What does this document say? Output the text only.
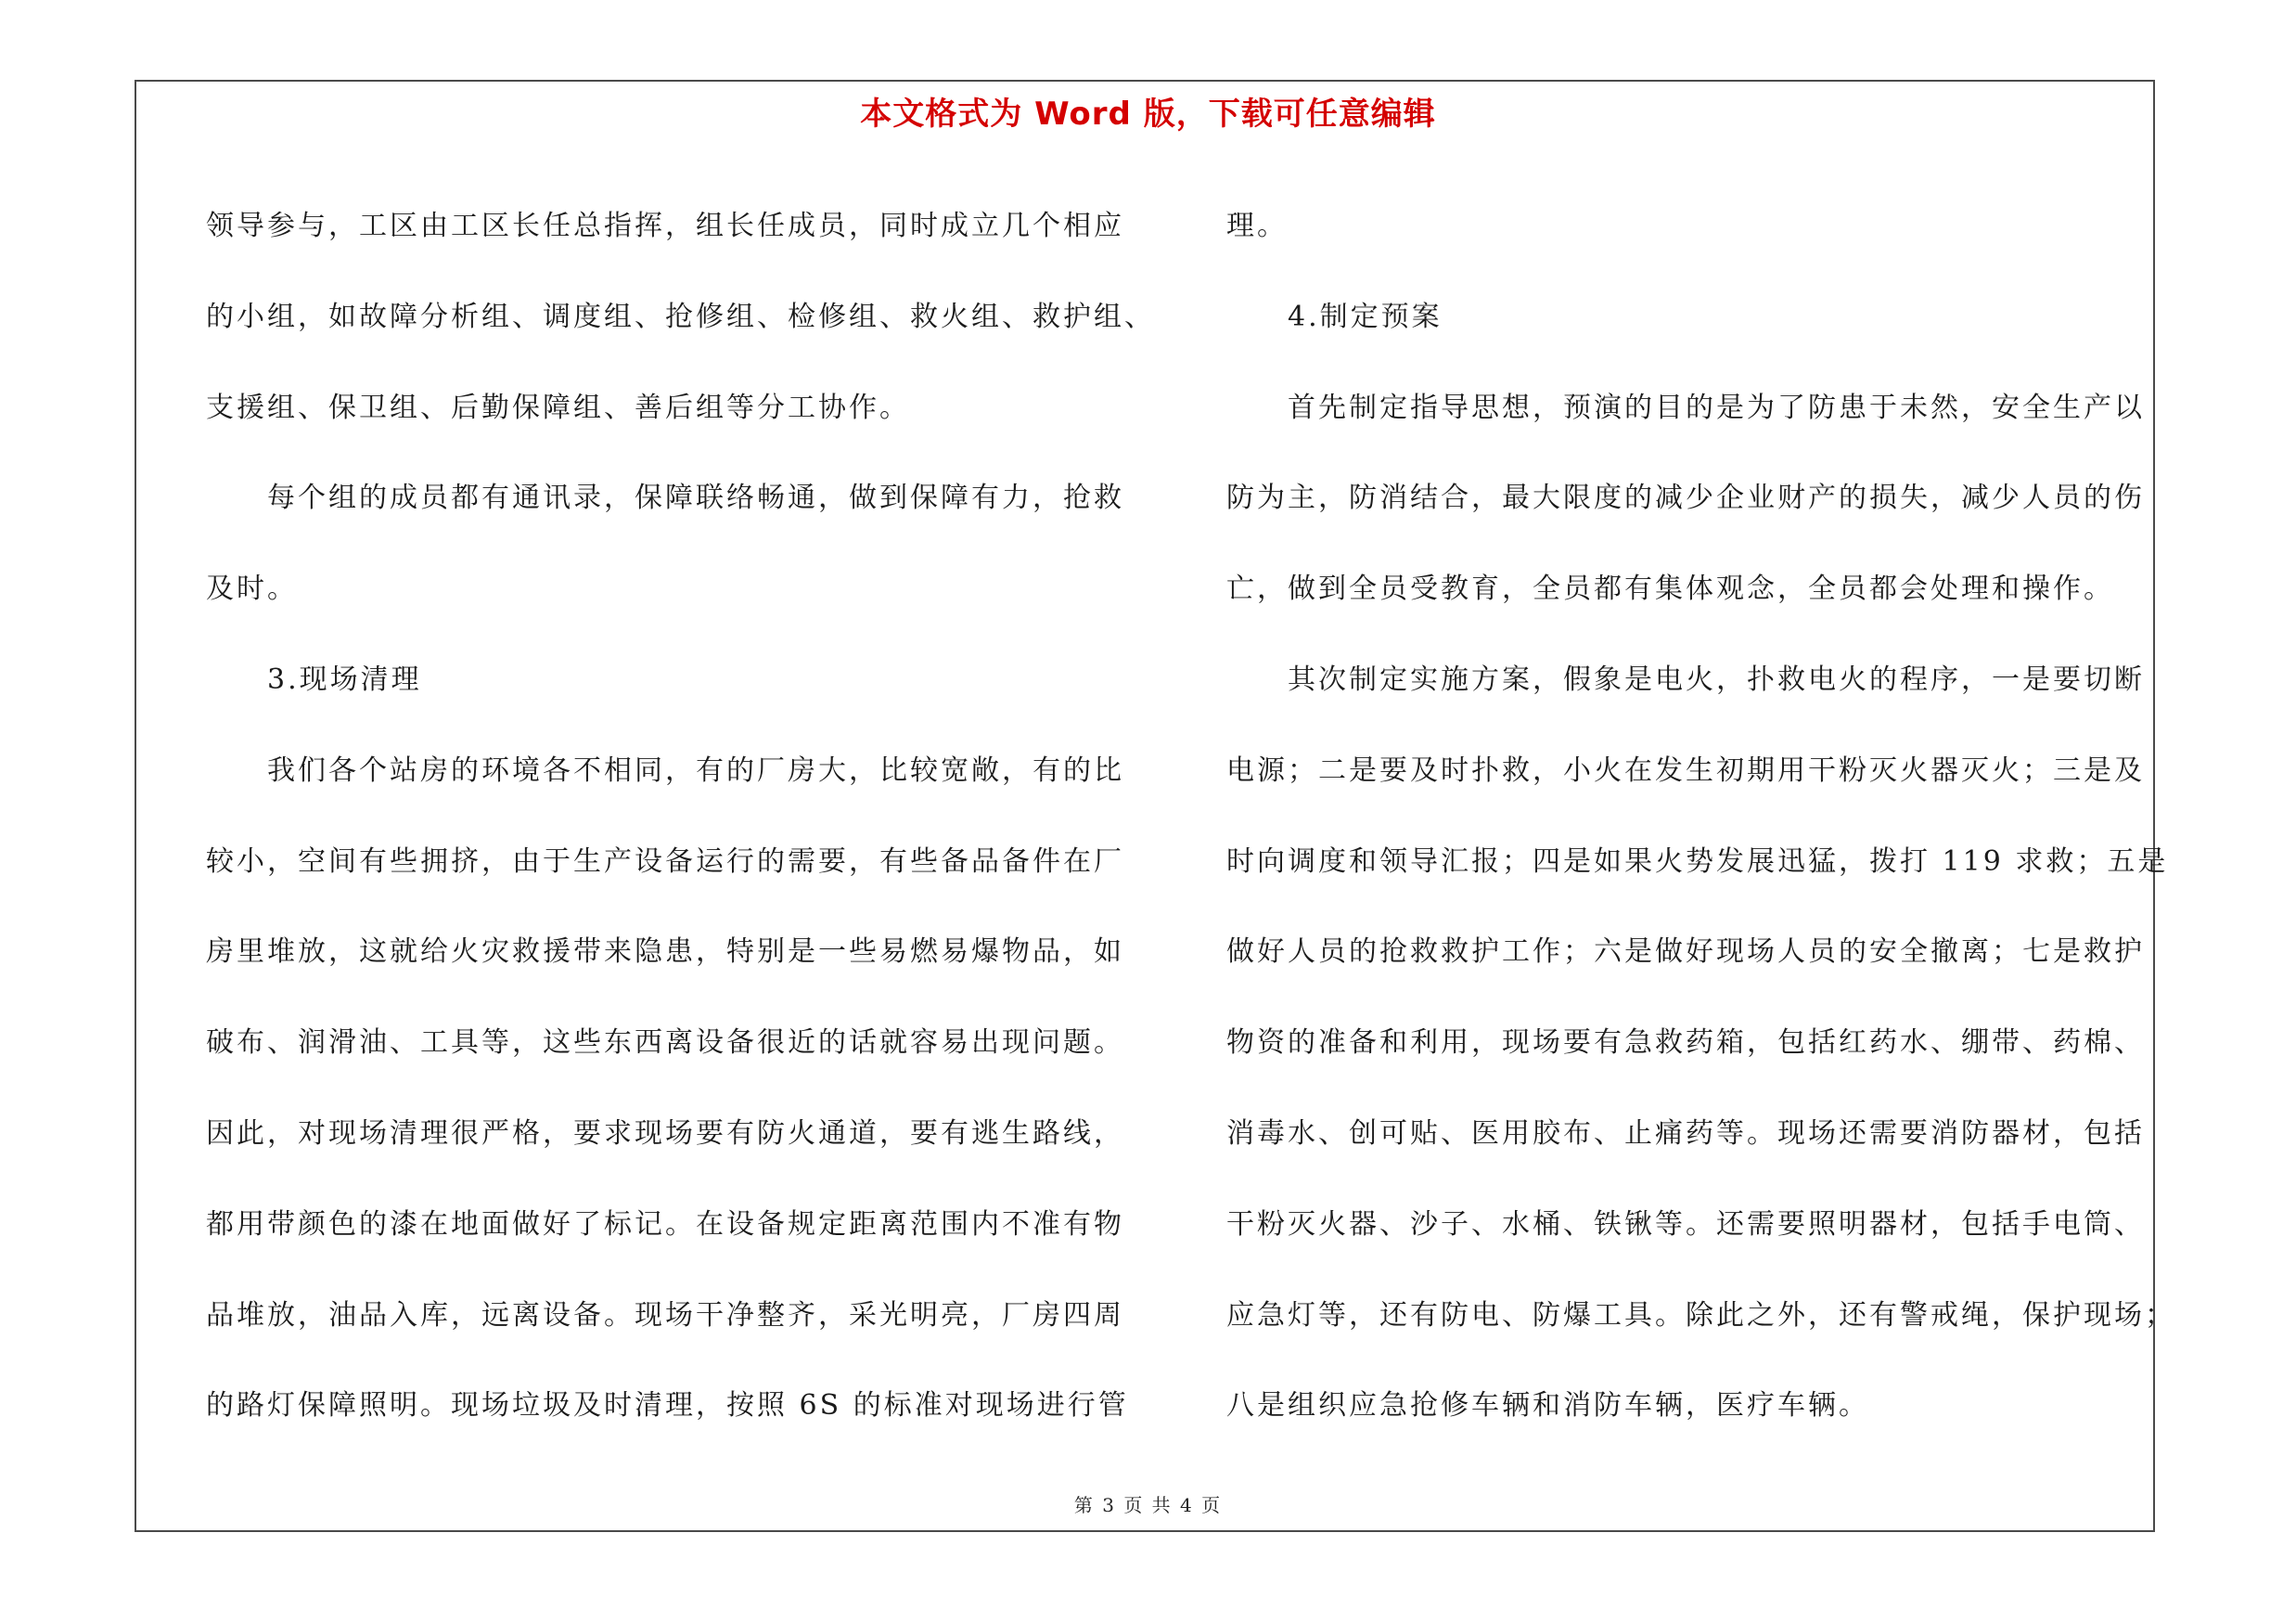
本文格式为 Word 版，下载可任意编辑
领导参与，工区由工区长任总指挥，组长任成员，同时成立几个相应
的小组，如故障分析组、调度组、抢修组、检修组、救火组、救护组、
支援组、保卫组、后勤保障组、善后组等分工协作。
每个组的成员都有通讯录，保障联络畅通，做到保障有力，抢救
及时。
3.现场清理
我们各个站房的环境各不相同，有的厂房大，比较宽敞，有的比
较小，空间有些拥挤，由于生产设备运行的需要，有些备品备件在厂
房里堆放，这就给火灾救援带来隐患，特别是一些易燃易爆物品，如
破布、润滑油、工具等，这些东西离设备很近的话就容易出现问题。
因此，对现场清理很严格，要求现场要有防火通道，要有逃生路线，
都用带颜色的漆在地面做好了标记。在设备规定距离范围内不准有物
品堆放，油品入库，远离设备。现场干净整齐，采光明亮，厂房四周
的路灯保障照明。现场垃圾及时清理，按照 6S 的标准对现场进行管
理。
4.制定预案
首先制定指导思想，预演的目的是为了防患于未然，安全生产以
防为主，防消结合，最大限度的减少企业财产的损失，减少人员的伤
亡，做到全员受教育，全员都有集体观念，全员都会处理和操作。
其次制定实施方案，假象是电火，扑救电火的程序，一是要切断
电源；二是要及时扑救，小火在发生初期用干粉灭火器灭火；三是及
时向调度和领导汇报；四是如果火势发展迅猛，拨打 119 求救；五是
做好人员的抢救救护工作；六是做好现场人员的安全撤离；七是救护
物资的准备和利用，现场要有急救药箱，包括红药水、绷带、药棉、
消毒水、创可贴、医用胶布、止痛药等。现场还需要消防器材，包括
干粉灭火器、沙子、水桶、铁锹等。还需要照明器材，包括手电筒、
应急灯等，还有防电、防爆工具。除此之外，还有警戒绳，保护现场；
八是组织应急抢修车辆和消防车辆，医疗车辆。
第 3 页 共 4 页
